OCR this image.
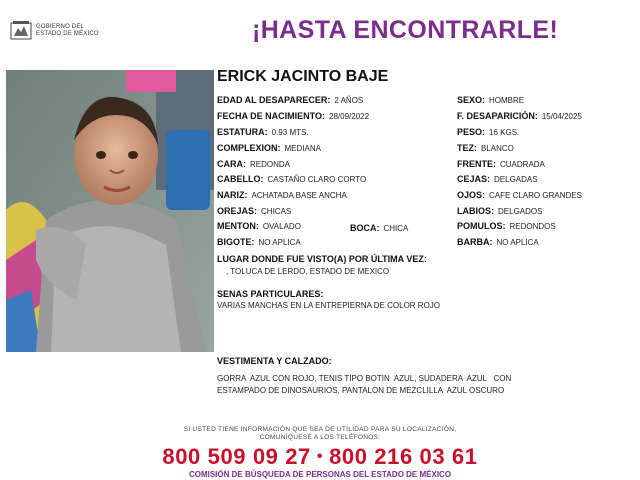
GOBIERNO DEL
ESTADO DE MÉXICO	¡HASTA ENCONTRARLE!
ERICK JACINTO BAJE
EDAD AL DESAPARECER: 2 AÑOS	SEXO: HOMBRE
FECHA DE NACIMIENTO: 28/09/2022	F. DESAPARICIÓN: 15/04/2025
ESTATURA: 0.93 MTS.	PESO: 16 KGS.
COMPLEXION: MEDIANA	TEZ: BLANCO
CARA: REDONDA	FRENTE: CUADRADA
CABELLO: CASTAÑO CLARO CORTO	CEJAS: DELGADAS
NARIZ: ACHATADA BASE ANCHA	OJOS: CAFE CLARO GRANDES
OREJAS: CHICAS	LABIOS: DELGADOS
MENTON: OVALADO	BOCA: CHICA	POMULOS: REDONDOS
BIGOTE: NO APLICA	BARBA: NO APLICA
LUGAR DONDE FUE VISTO(A) POR ÚLTIMA VEZ:
, TOLUCA DE LERDO, ESTADO DE MEXICO
SENAS PARTICULARES:
VARIAS MANCHAS EN LA ENTREPIERNA DE COLOR ROJO
VESTIMENTA Y CALZADO:
GORRA  AZUL CON ROJO, TENIS TIPO BOTIN  AZUL, SUDADERA  AZUL   CON
ESTAMPADO DE DINOSAURIOS, PANTALON DE MEZCLILLA  AZUL OSCURO
SI USTED TIENE INFORMACIÓN QUE SEA DE UTILIDAD PARA SU LOCALIZACIÓN,
COMUNÍQUESE A LOS TELÉFONOS:
800 509 09 27 • 800 216 03 61
COMISIÓN DE BÚSQUEDA DE PERSONAS DEL ESTADO DE MÉXICO
